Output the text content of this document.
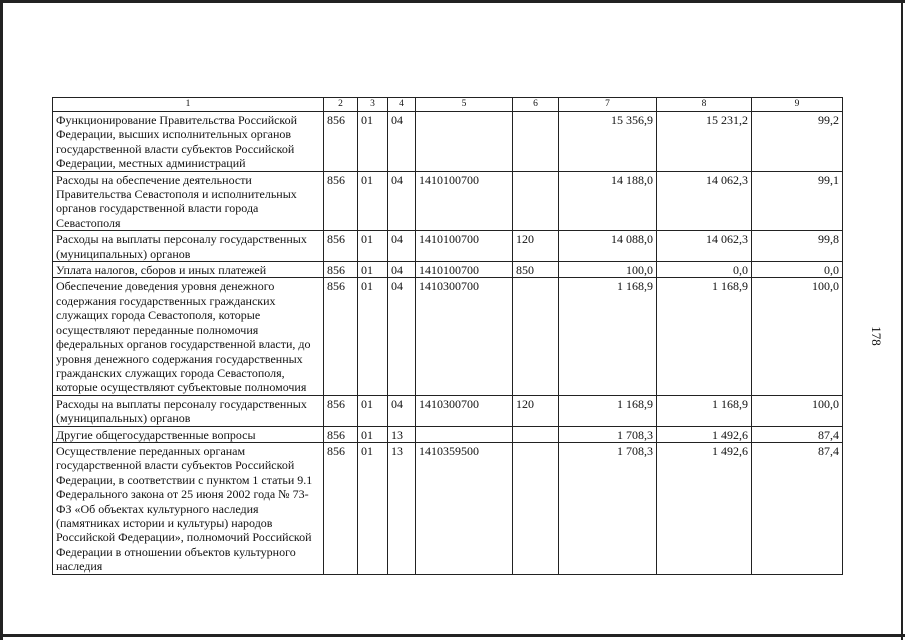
1	2	3	4	5	6	7	8	9
Функционирование Правительства Российской Федерации, высших исполнительных органов государственной власти субъектов Российской Федерации, местных администраций	856	01	04			15 356,9	15 231,2	99,2
Расходы на обеспечение деятельности Правительства Севастополя и исполнительных органов государственной власти города Севастополя	856	01	04	1410100700		14 188,0	14 062,3	99,1
Расходы на выплаты персоналу государственных (муниципальных) органов	856	01	04	1410100700	120	14 088,0	14 062,3	99,8
Уплата налогов, сборов и иных платежей	856	01	04	1410100700	850	100,0	0,0	0,0
Обеспечение доведения уровня денежного содержания государственных гражданских служащих города Севастополя, которые осуществляют переданные полномочия федеральных органов государственной власти, до уровня денежного содержания государственных гражданских служащих города Севастополя, которые осуществляют субъектовые полномочия	856	01	04	1410300700		1 168,9	1 168,9	100,0
Расходы на выплаты персоналу государственных (муниципальных) органов	856	01	04	1410300700	120	1 168,9	1 168,9	100,0
Другие общегосударственные вопросы	856	01	13			1 708,3	1 492,6	87,4
Осуществление переданных органам государственной власти субъектов Российской Федерации, в соответствии с пунктом 1 статьи 9.1 Федерального закона от 25 июня 2002 года № 73-ФЗ «Об объектах культурного наследия (памятниках истории и культуры) народов Российской Федерации», полномочий Российской Федерации в отношении объектов культурного наследия	856	01	13	1410359500		1 708,3	1 492,6	87,4
178
